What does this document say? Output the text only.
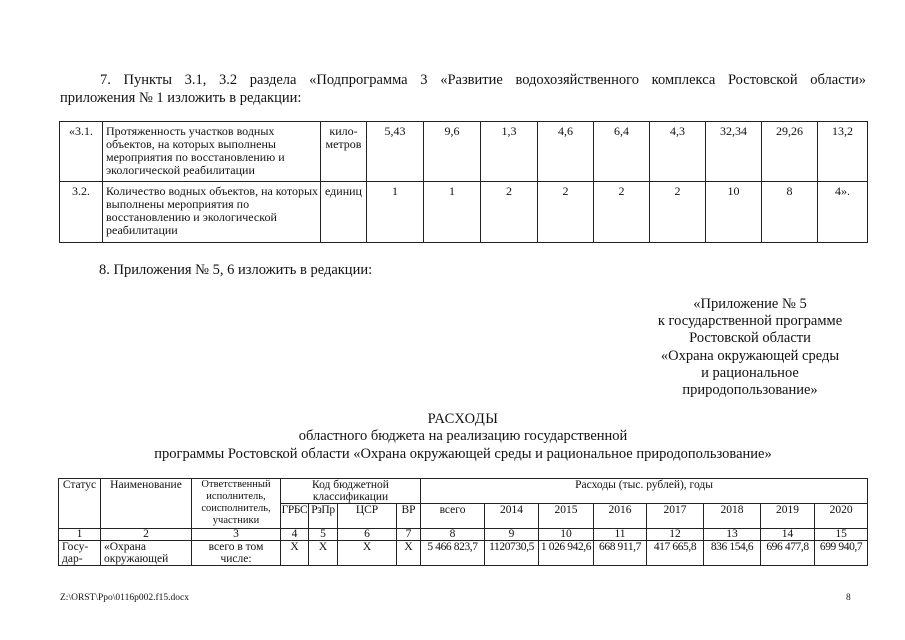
7. Пункты 3.1, 3.2 раздела «Подпрограмма 3 «Развитие водохозяйственного комплекса Ростовской области»
приложения № 1 изложить в редакции:
«3.1.	Протяженность участков водных объектов, на которых выполнены мероприятия по восстановлению и экологической реабилитации	кило-метров	5,43	9,6	1,3	4,6	6,4	4,3	32,34	29,26	13,2
3.2.	Количество водных объектов, на которых выполнены мероприятия по восстановлению и экологической реабилитации	единиц	1	1	2	2	2	2	10	8	4».
8. Приложения № 5, 6 изложить в редакции:
«Приложение № 5
к государственной программе
Ростовской области
«Охрана окружающей среды
и рациональное
природопользование»
РАСХОДЫ
областного бюджета на реализацию государственной
программы Ростовской области «Охрана окружающей среды и рациональное природопользование»
Статус	Наименование	Ответственный исполнитель, соисполнитель, участники	Код бюджетной классификации				Расходы (тыс. рублей), годы							
			ГРБС	РзПр	ЦСР	ВР	всего	2014	2015	2016	2017	2018	2019	2020
1	2	3	4	5	6	7	8	9	10	11	12	13	14	15
Госу-дар-	«Охрана окружающей	всего в том числе:	X	X	X	X	5 466 823,7	1120730,5	1 026 942,6	668 911,7	417 665,8	836 154,6	696 477,8	699 940,7
Z:\ORST\Ppo\0116p002.f15.docx	8
